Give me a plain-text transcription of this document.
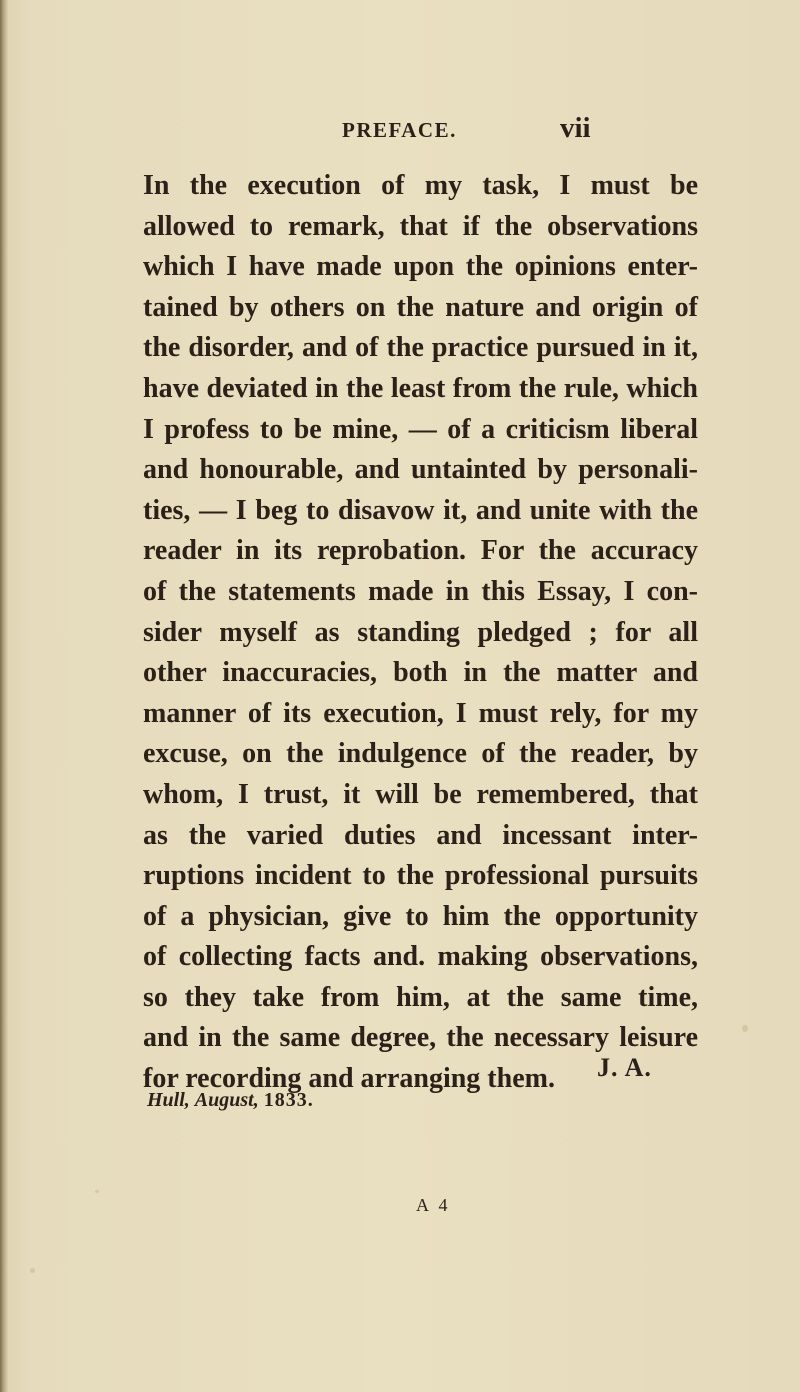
PREFACE.	vii
In the execution of my task, I must be
allowed to remark, that if the observations
which I have made upon the opinions enter-
tained by others on the nature and origin of
the disorder, and of the practice pursued in it,
have deviated in the least from the rule, which
I profess to be mine, — of a criticism liberal
and honourable, and untainted by personali-
ties, — I beg to disavow it, and unite with the
reader in its reprobation. For the accuracy
of the statements made in this Essay, I con-
sider myself as standing pledged ; for all
other inaccuracies, both in the matter and
manner of its execution, I must rely, for my
excuse, on the indulgence of the reader, by
whom, I trust, it will be remembered, that
as the varied duties and incessant inter-
ruptions incident to the professional pursuits
of a physician, give to him the opportunity
of collecting facts and. making observations,
so they take from him, at the same time,
and in the same degree, the necessary leisure
for recording and arranging them.	J. A.
Hull, August, 1833.
A 4
